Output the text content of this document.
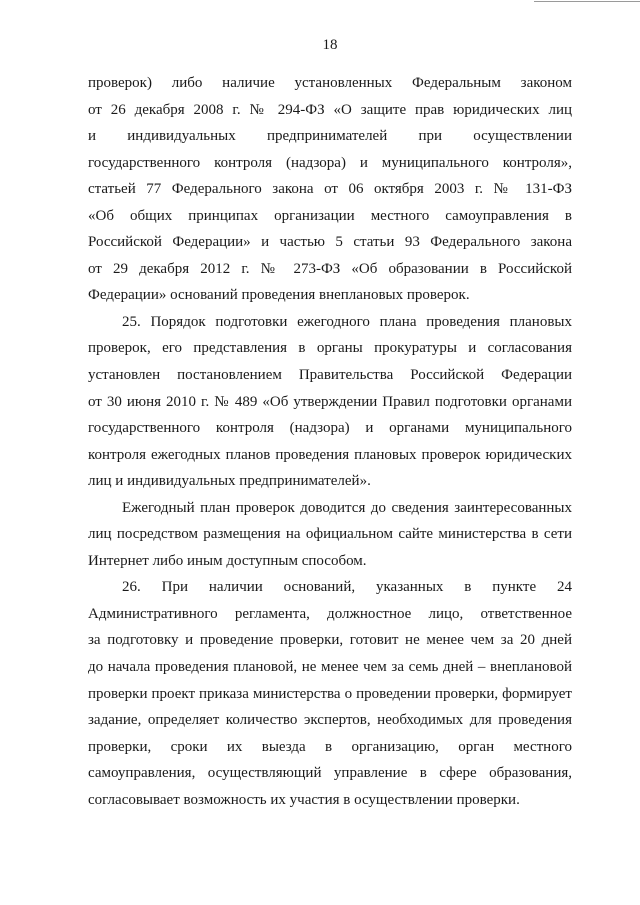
18
проверок) либо наличие установленных Федеральным законом
от 26 декабря 2008 г. № 294-ФЗ «О защите прав юридических лиц
и индивидуальных предпринимателей при осуществлении
государственного контроля (надзора) и муниципального контроля»,
статьей 77 Федерального закона от 06 октября 2003 г. № 131-ФЗ
«Об общих принципах организации местного самоуправления в
Российской Федерации» и частью 5 статьи 93 Федерального закона
от 29 декабря 2012 г. № 273-ФЗ «Об образовании в Российской
Федерации» оснований проведения внеплановых проверок.
25. Порядок подготовки ежегодного плана проведения плановых
проверок, его представления в органы прокуратуры и согласования
установлен постановлением Правительства Российской Федерации
от 30 июня 2010 г. № 489 «Об утверждении Правил подготовки органами
государственного контроля (надзора) и органами муниципального
контроля ежегодных планов проведения плановых проверок юридических
лиц и индивидуальных предпринимателей».
Ежегодный план проверок доводится до сведения заинтересованных
лиц посредством размещения на официальном сайте министерства в сети
Интернет либо иным доступным способом.
26. При наличии оснований, указанных в пункте 24
Административного регламента, должностное лицо, ответственное
за подготовку и проведение проверки, готовит не менее чем за 20 дней
до начала проведения плановой, не менее чем за семь дней – внеплановой
проверки проект приказа министерства о проведении проверки, формирует
задание, определяет количество экспертов, необходимых для проведения
проверки, сроки их выезда в организацию, орган местного
самоуправления, осуществляющий управление в сфере образования,
согласовывает возможность их участия в осуществлении проверки.
